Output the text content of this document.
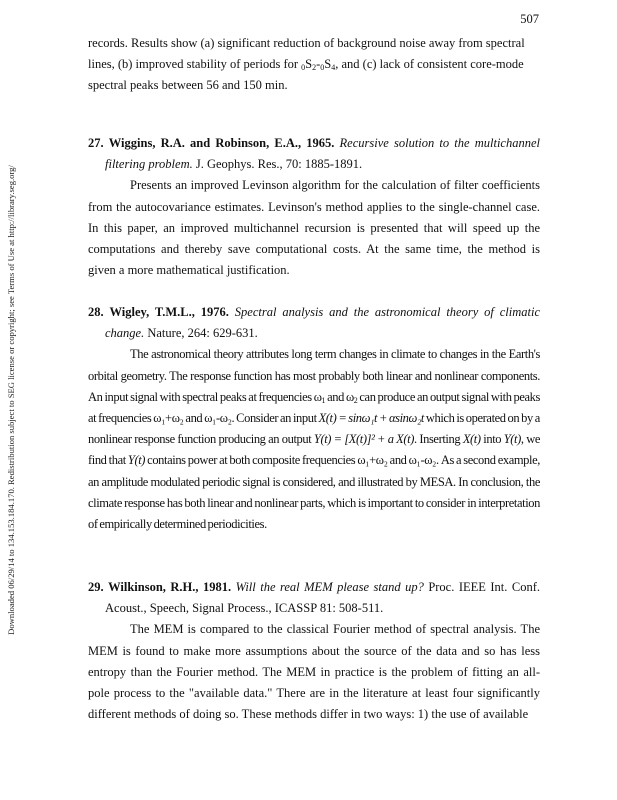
507
Downloaded 06/29/14 to 134.153.184.170. Redistribution subject to SEG license or copyright; see Terms of Use at http://library.seg.org/

records. Results show (a) significant reduction of background noise away from spectral

lines, (b) improved stability of periods for $_0S_2-_0S_4$, and (c) lack of consistent core-mode

spectral peaks between 56 and 150 min.

27. Wiggins, R.A. and Robinson, E.A., 1965. Recursive solution to the multichannel filtering problem. J. Geophys. Res., 70: 1885-1891.

Presents an improved Levinson algorithm for the calculation of filter coefficients from the autocovariance estimates. Levinson's method applies to the single-channel case. In this paper, an improved multichannel recursion is presented that will speed up the computations and thereby save computational costs. At the same time, the method is given a more mathematical justification.

28. Wigley, T.M.L., 1976. Spectral analysis and the astronomical theory of climatic change. Nature, 264: 629-631.

The astronomical theory attributes long term changes in climate to changes in the Earth's orbital geometry. The response function has most probably both linear and nonlinear components. An input signal with spectral peaks at frequencies $\omega_1$ and $\omega_2$ can produce an output signal with peaks at frequencies ω₁+ω₂ and ω₁-ω₂. Consider an input X(t) = sinω₁t + αsinω₂t which is operated on by a nonlinear response function producing an output Y(t) = [X(t)]² + a X(t). Inserting X(t) into Y(t), we find that Y(t) contains power at both composite frequencies ω₁+ω₂ and ω₁-ω₂. As a second example, an amplitude modulated periodic signal is considered, and illustrated by MESA. In conclusion, the climate response has both linear and nonlinear parts, which is important to consider in interpretation of empirically determined periodicities.

29. Wilkinson, R.H., 1981. Will the real MEM please stand up? Proc. IEEE Int. Conf. Acoust., Speech, Signal Process., ICASSP 81: 508-511.

The MEM is compared to the classical Fourier method of spectral analysis. The MEM is found to make more assumptions about the source of the data and so has less entropy than the Fourier method. The MEM in practice is the problem of fitting an all-pole process to the "available data." There are in the literature at least four significantly different methods of doing so. These methods differ in two ways: 1) the use of available
